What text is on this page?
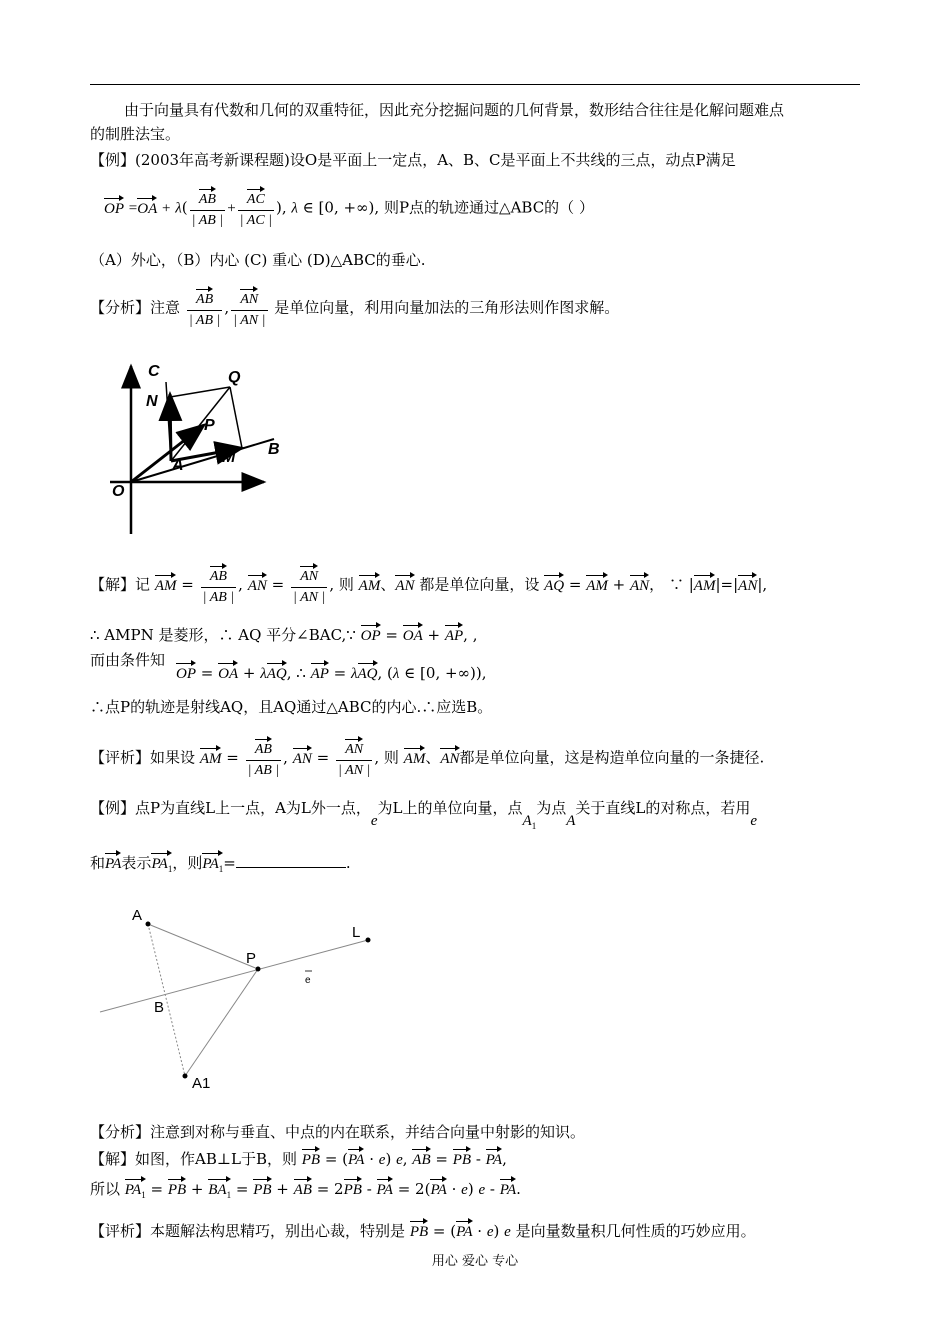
由于向量具有代数和几何的双重特征，因此充分挖掘问题的几何背景，数形结合往往是化解问题难点
的制胜法宝。
【例】(2003年高考新课程题)设O是平面上一定点，A、B、C是平面上不共线的三点，动点P满足
OP $=OA + \lambda( \frac{AB}{| AB |} + \frac{AC}{| AC |}$ ), λ ∈ [0, +∞), 则P点的轨迹通过△ABC的（ ）
（A）外心，（B）内心 (C) 重心 (D)△ABC的垂心.
【分析】注意 $\frac{AB}{| AB |}$ , $\frac{AN}{| AN |}$ 是单位向量，利用向量加法的三角形法则作图求解。
C	Q
N
P
A M B
O
【解】记 AM = $\frac{AB}{| AB |}$ , AN = $\frac{AN}{| AN |}$ , 则 AM、AN 都是单位向量，设 AQ = AM + AN， ∵ |AM|=|AN|,
∴ AMPN 是菱形，∴ AQ 平分∠BAC,∵ OP = OA + AP, ,
而由条件知
OP = OA + λAQ, ∴ AP = λAQ, (λ ∈ [0, +∞)),
∴点P的轨迹是射线AQ，且AQ通过△ABC的内心.∴应选B。
【评析】如果设 AM = $\frac{AB}{| AB |}$ , AN = $\frac{AN}{| AN |}$ , 则 AM、AN都是单位向量，这是构造单位向量的一条捷径.
【例】点P为直线L上一点，A为L外一点，e为L上的单位向量，点$A_1$为点A关于直线L的对称点，若用e
和PA表示$PA_1$，则$PA_1=$	.
A
P
L
B
A1
e
【分析】注意到对称与垂直、中点的内在联系，并结合向量中射影的知识。
【解】如图，作AB⊥L于B，则 PB = (PA · e) e, AB = PB - PA,
所以 $PA_1$ = PB + $BA_1$ = PB + AB = 2PB - PA = 2(PA · e) e - PA.
【评析】本题解法构思精巧，别出心裁，特别是 PB = (PA · e) e 是向量数量积几何性质的巧妙应用。
用心 爱心 专心
